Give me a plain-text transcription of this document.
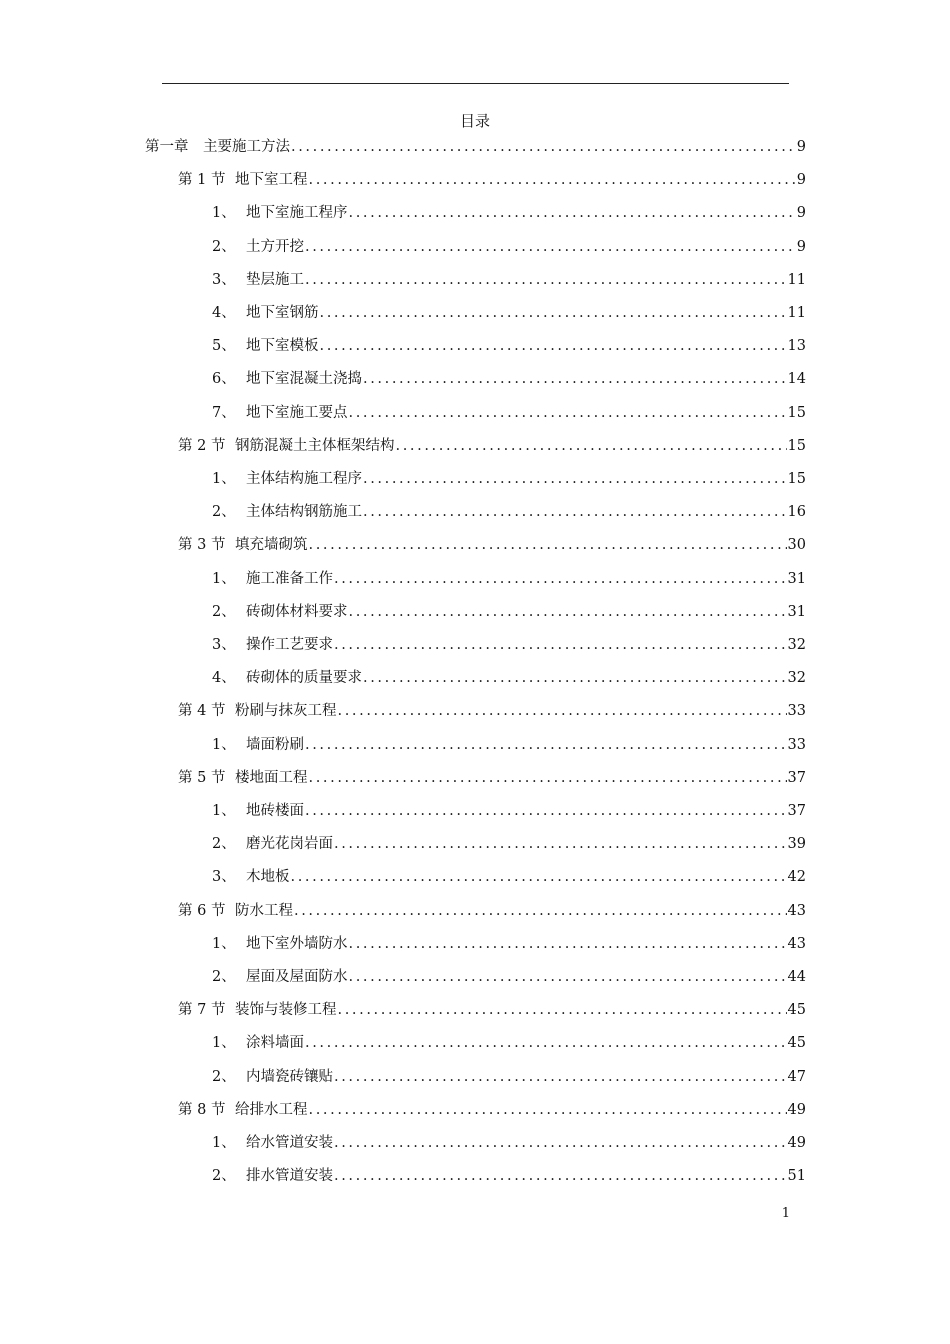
目录
第一章	主要施工方法 .....	9
第 1 节 地下室工程 .....	9
1、 地下室施工程序 .....	9
2、 土方开挖 .....	9
3、 垫层施工 .....	11
4、 地下室钢筋 .....	11
5、 地下室模板 .....	13
6、 地下室混凝土浇捣 .....	14
7、 地下室施工要点 .....	15
第 2 节 钢筋混凝土主体框架结构 .....	15
1、 主体结构施工程序 .....	15
2、 主体结构钢筋施工 .....	16
第 3 节 填充墙砌筑 .....	30
1、 施工准备工作 .....	31
2、 砖砌体材料要求 .....	31
3、 操作工艺要求 .....	32
4、 砖砌体的质量要求 .....	32
第 4 节 粉刷与抹灰工程 .....	33
1、 墙面粉刷 .....	33
第 5 节 楼地面工程 .....	37
1、 地砖楼面 .....	37
2、 磨光花岗岩面 .....	39
3、 木地板 .....	42
第 6 节 防水工程 .....	43
1、 地下室外墙防水 .....	43
2、 屋面及屋面防水 .....	44
第 7 节 装饰与装修工程 .....	45
1、 涂料墙面 .....	45
2、 内墙瓷砖镶贴 .....	47
第 8 节 给排水工程 .....	49
1、 给水管道安装 .....	49
2、 排水管道安装 .....	51
1
